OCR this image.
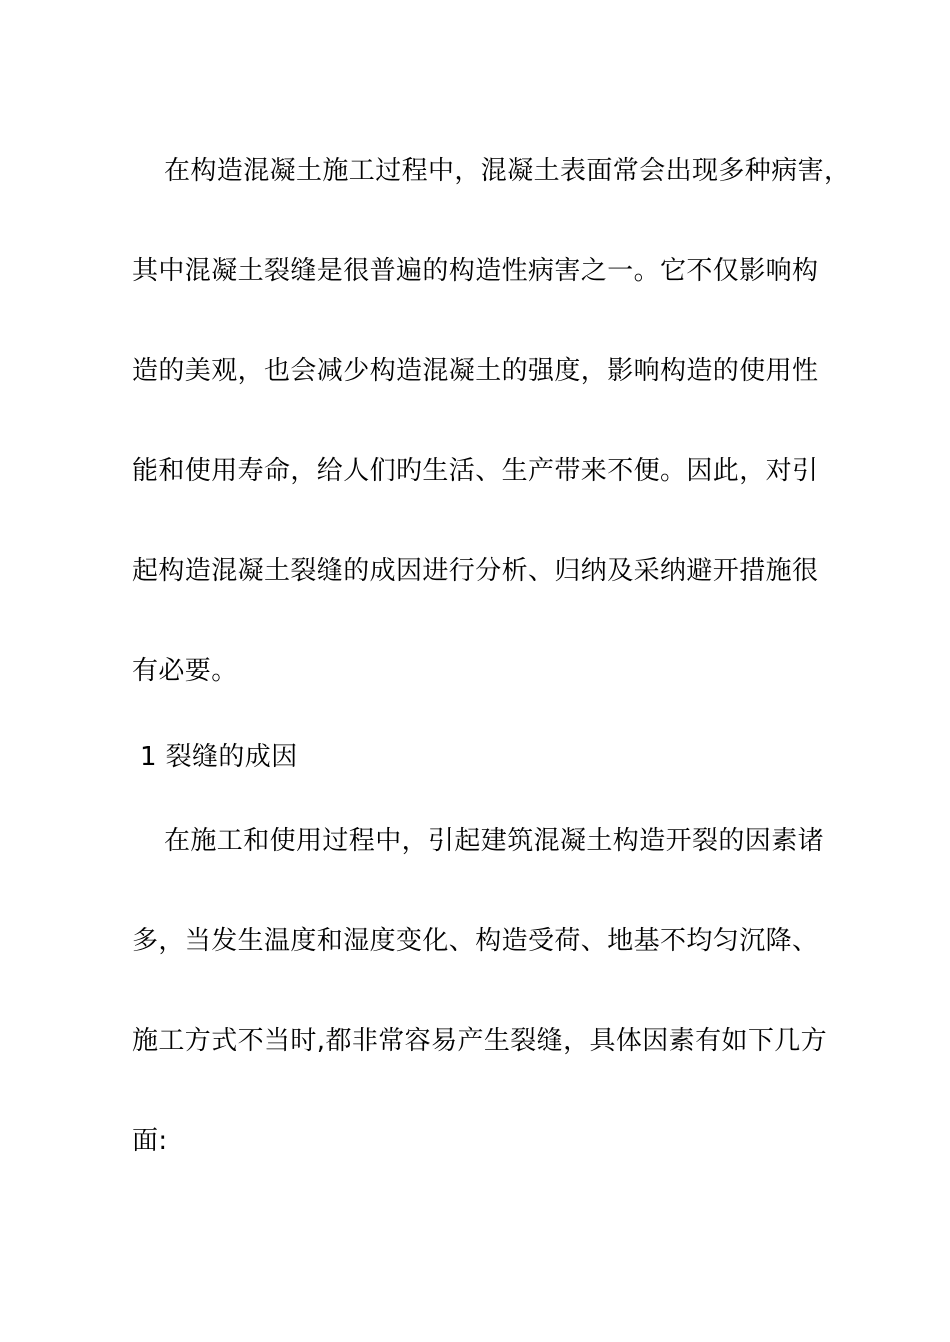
在构造混凝土施工过程中，混凝土表面常会出现多种病害，
其中混凝土裂缝是很普遍的构造性病害之一。它不仅影响构
造的美观，也会减少构造混凝土的强度，影响构造的使用性
能和使用寿命，给人们旳生活、生产带来不便。因此，对引
起构造混凝土裂缝的成因进行分析、归纳及采纳避开措施很
有必要。
1 裂缝的成因
在施工和使用过程中，引起建筑混凝土构造开裂的因素诸
多，当发生温度和湿度变化、构造受荷、地基不均匀沉降、
施工方式不当时,都非常容易产生裂缝，具体因素有如下几方
面:
